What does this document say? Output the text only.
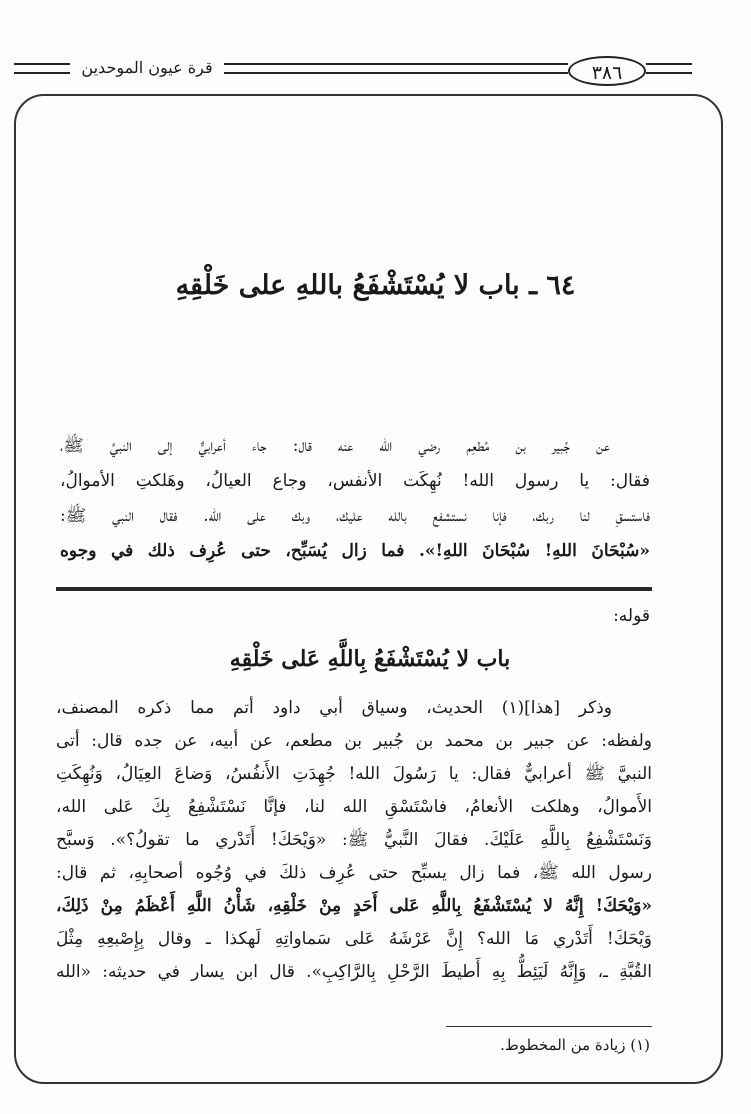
قرة عيون الموحدين	٣٨٦
٦٤ ـ باب لا يُسْتَشْفَعُ باللهِ على خَلْقِهِ
عن جُبير بن مُطعِم رضي الله عنه قال: جاء أعرابيٌّ إلى النبيِّ ﷺ،
فقال: يا رسول الله! نُهِكَت الأنفس، وجاع العيالُ، وهَلكتِ الأموالُ،
فاستسقِ لنا ربك، فإنا نستشفع بالله عليك، وبك على الله. فقال النبي ﷺ:
«سُبْحَانَ اللهِ! سُبْحَانَ اللهِ!». فما زال يُسَبِّح، حتى عُرِف ذلك في وجوه
قوله:
باب لا يُسْتَشْفَعُ بِاللَّهِ عَلى خَلْقِهِ
وذكر [هذا](١) الحديث، وسياق أبي داود أتم مما ذكره المصنف،
ولفظه: عن جبير بن محمد بن جُبير بن مطعم، عن أبيه، عن جده قال: أتى
النبيَّ ﷺ أعرابيٌّ فقال: يا رَسُولَ الله! جُهِدَتِ الأَنفُسُ، وَضاعَ العِيَالُ، وَنُهِكَتِ
الأَموالُ، وهلكت الأنعامُ، فاسْتَسْقِ الله لنا، فإنَّا نَسْتَشْفِعُ بِكَ عَلى الله،
وَنَسْتَشْفِعُ بِاللَّهِ عَلَيْكَ. فقالَ النَّبيُّ ﷺ: «وَيْحَكَ! أَتَدْري ما تقولُ؟». وَسبَّح
رسول الله ﷺ، فما زال يسبِّح حتى عُرِف ذلكَ في وُجُوه أصحابِهِ، ثم قال:
«وَيْحَكَ! إِنَّهُ لا يُسْتَشْفَعُ بِاللَّهِ عَلى أَحَدٍ مِنْ خَلْقِهِ، شَأْنُ اللَّهِ أَعْظَمُ مِنْ ذَلِكَ،
وَيْحَكَ! أَتَدْري مَا الله؟ إِنَّ عَرْشَهُ عَلى سَماواتِهِ لَهكذا ـ وقال بِإِصْبعِهِ مِثْلَ
القُبَّةِ ـ، وَإِنَّهُ لَيَئِطُّ بِهِ أَطيطَ الرَّحْلِ بِالرَّاكِبِ». قال ابن يسار في حديثه: «الله
(١) زيادة من المخطوط.
